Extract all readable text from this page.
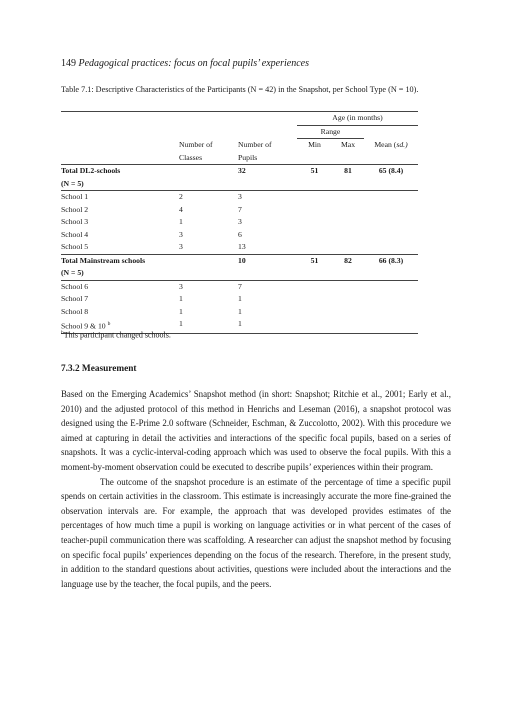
149 Pedagogical practices: focus on focal pupils’ experiences
Table 7.1: Descriptive Characteristics of the Participants (N = 42) in the Snapshot, per School Type (N = 10).
			Age (in months)		
			Range		
	Number of	Number of	Min	Max	Mean (sd.)
	Classes	Pupils			
Total DL2-schools		32	51	81	65 (8.4)
(N = 5)					
School 1	2	3			
School 2	4	7			
School 3	1	3			
School 4	3	6			
School 5	3	13			
Total Mainstream schools		10	51	82	66 (8.3)
(N = 5)					
School 6	3	7			
School 7	1	1			
School 8	1	1			
School 9 & 10 $^b$	1	1			
$^b$This participant changed schools.
7.3.2 Measurement

Based on the Emerging Academics’ Snapshot method (in short: Snapshot; Ritchie et al., 2001; Early et al., 2010) and the adjusted protocol of this method in Henrichs and Leseman (2016), a snapshot protocol was designed using the E-Prime 2.0 software (Schneider, Eschman, & Zuccolotto, 2002). With this procedure we aimed at capturing in detail the activities and interactions of the specific focal pupils, based on a series of snapshots. It was a cyclic-interval-coding approach which was used to observe the focal pupils. With this a moment-by-moment observation could be executed to describe pupils’ experiences within their program.

The outcome of the snapshot procedure is an estimate of the percentage of time a specific pupil spends on certain activities in the classroom. This estimate is increasingly accurate the more fine-grained the observation intervals are. For example, the approach that was developed provides estimates of the percentages of how much time a pupil is working on language activities or in what percent of the cases of teacher-pupil communication there was scaffolding. A researcher can adjust the snapshot method by focusing on specific focal pupils’ experiences depending on the focus of the research. Therefore, in the present study, in addition to the standard questions about activities, questions were included about the interactions and the language use by the teacher, the focal pupils, and the peers.
